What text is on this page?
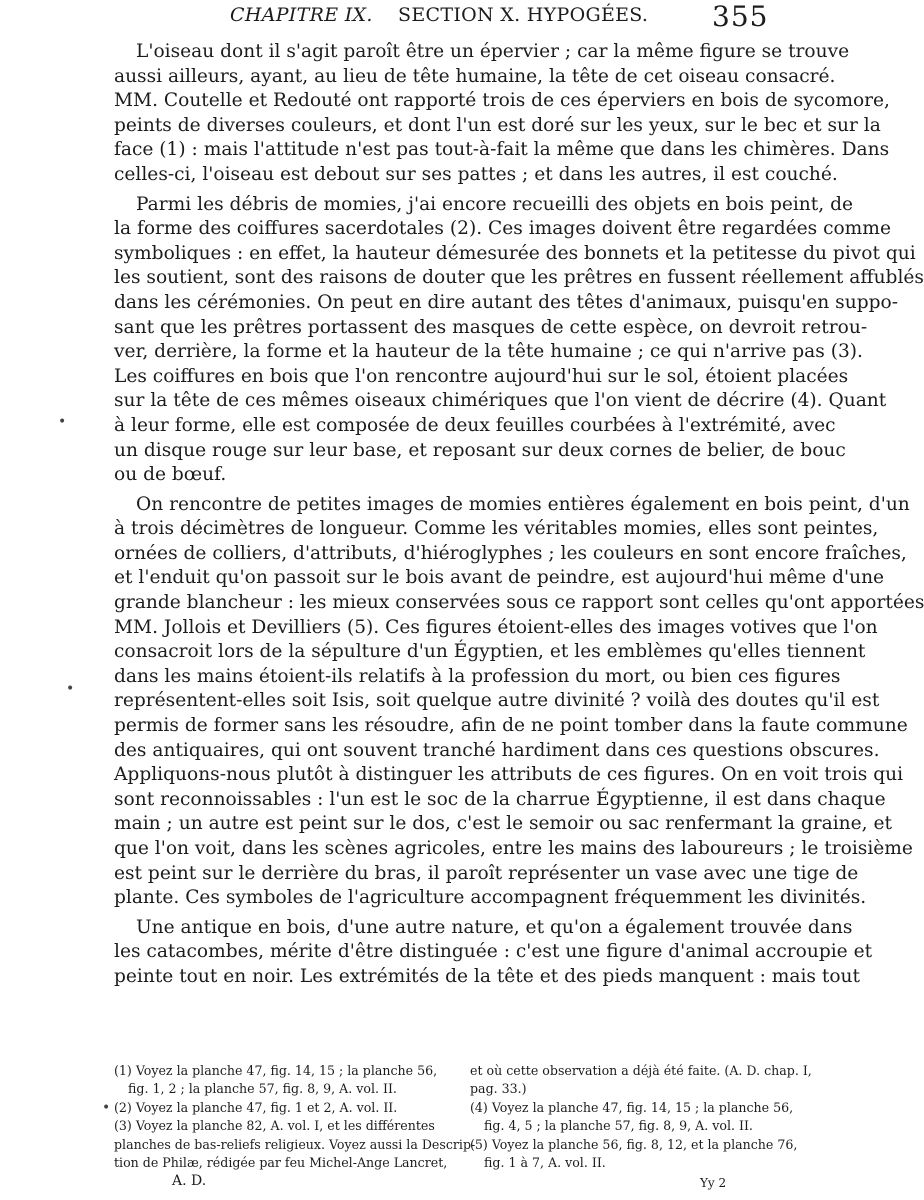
CHAPITRE IX. SECTION X. HYPOGÉES.	355
L'oiseau dont il s'agit paroît être un épervier ; car la même figure se trouve
aussi ailleurs, ayant, au lieu de tête humaine, la tête de cet oiseau consacré.
MM. Coutelle et Redouté ont rapporté trois de ces éperviers en bois de sycomore,
peints de diverses couleurs, et dont l'un est doré sur les yeux, sur le bec et sur la
face (1) : mais l'attitude n'est pas tout-à-fait la même que dans les chimères. Dans
celles-ci, l'oiseau est debout sur ses pattes ; et dans les autres, il est couché.
Parmi les débris de momies, j'ai encore recueilli des objets en bois peint, de
la forme des coiffures sacerdotales (2). Ces images doivent être regardées comme
symboliques : en effet, la hauteur démesurée des bonnets et la petitesse du pivot qui
les soutient, sont des raisons de douter que les prêtres en fussent réellement affublés
dans les cérémonies. On peut en dire autant des têtes d'animaux, puisqu'en suppo-
sant que les prêtres portassent des masques de cette espèce, on devroit retrou-
ver, derrière, la forme et la hauteur de la tête humaine ; ce qui n'arrive pas (3).
Les coiffures en bois que l'on rencontre aujourd'hui sur le sol, étoient placées
sur la tête de ces mêmes oiseaux chimériques que l'on vient de décrire (4). Quant
à leur forme, elle est composée de deux feuilles courbées à l'extrémité, avec
un disque rouge sur leur base, et reposant sur deux cornes de belier, de bouc
ou de bœuf.
On rencontre de petites images de momies entières également en bois peint, d'un
à trois décimètres de longueur. Comme les véritables momies, elles sont peintes,
ornées de colliers, d'attributs, d'hiéroglyphes ; les couleurs en sont encore fraîches,
et l'enduit qu'on passoit sur le bois avant de peindre, est aujourd'hui même d'une
grande blancheur : les mieux conservées sous ce rapport sont celles qu'ont apportées
MM. Jollois et Devilliers (5). Ces figures étoient-elles des images votives que l'on
consacroit lors de la sépulture d'un Égyptien, et les emblèmes qu'elles tiennent
dans les mains étoient-ils relatifs à la profession du mort, ou bien ces figures
représentent-elles soit Isis, soit quelque autre divinité ? voilà des doutes qu'il est
permis de former sans les résoudre, afin de ne point tomber dans la faute commune
des antiquaires, qui ont souvent tranché hardiment dans ces questions obscures.
Appliquons-nous plutôt à distinguer les attributs de ces figures. On en voit trois qui
sont reconnoissables : l'un est le soc de la charrue Égyptienne, il est dans chaque
main ; un autre est peint sur le dos, c'est le semoir ou sac renfermant la graine, et
que l'on voit, dans les scènes agricoles, entre les mains des laboureurs ; le troisième
est peint sur le derrière du bras, il paroît représenter un vase avec une tige de
plante. Ces symboles de l'agriculture accompagnent fréquemment les divinités.
Une antique en bois, d'une autre nature, et qu'on a également trouvée dans
les catacombes, mérite d'être distinguée : c'est une figure d'animal accroupie et
peinte tout en noir. Les extrémités de la tête et des pieds manquent : mais tout
•
•
•
(1) Voyez la planche 47, fig. 14, 15 ; la planche 56,
fig. 1, 2 ; la planche 57, fig. 8, 9, A. vol. II.
(2) Voyez la planche 47, fig. 1 et 2, A. vol. II.
(3) Voyez la planche 82, A. vol. I, et les différentes
planches de bas-reliefs religieux. Voyez aussi la Descrip-
tion de Philæ, rédigée par feu Michel-Ange Lancret,
et où cette observation a déjà été faite. (A. D. chap. I,
pag. 33.)
(4) Voyez la planche 47, fig. 14, 15 ; la planche 56,
fig. 4, 5 ; la planche 57, fig. 8, 9, A. vol. II.
(5) Voyez la planche 56, fig. 8, 12, et la planche 76,
fig. 1 à 7, A. vol. II.
A. D.	Yy 2
